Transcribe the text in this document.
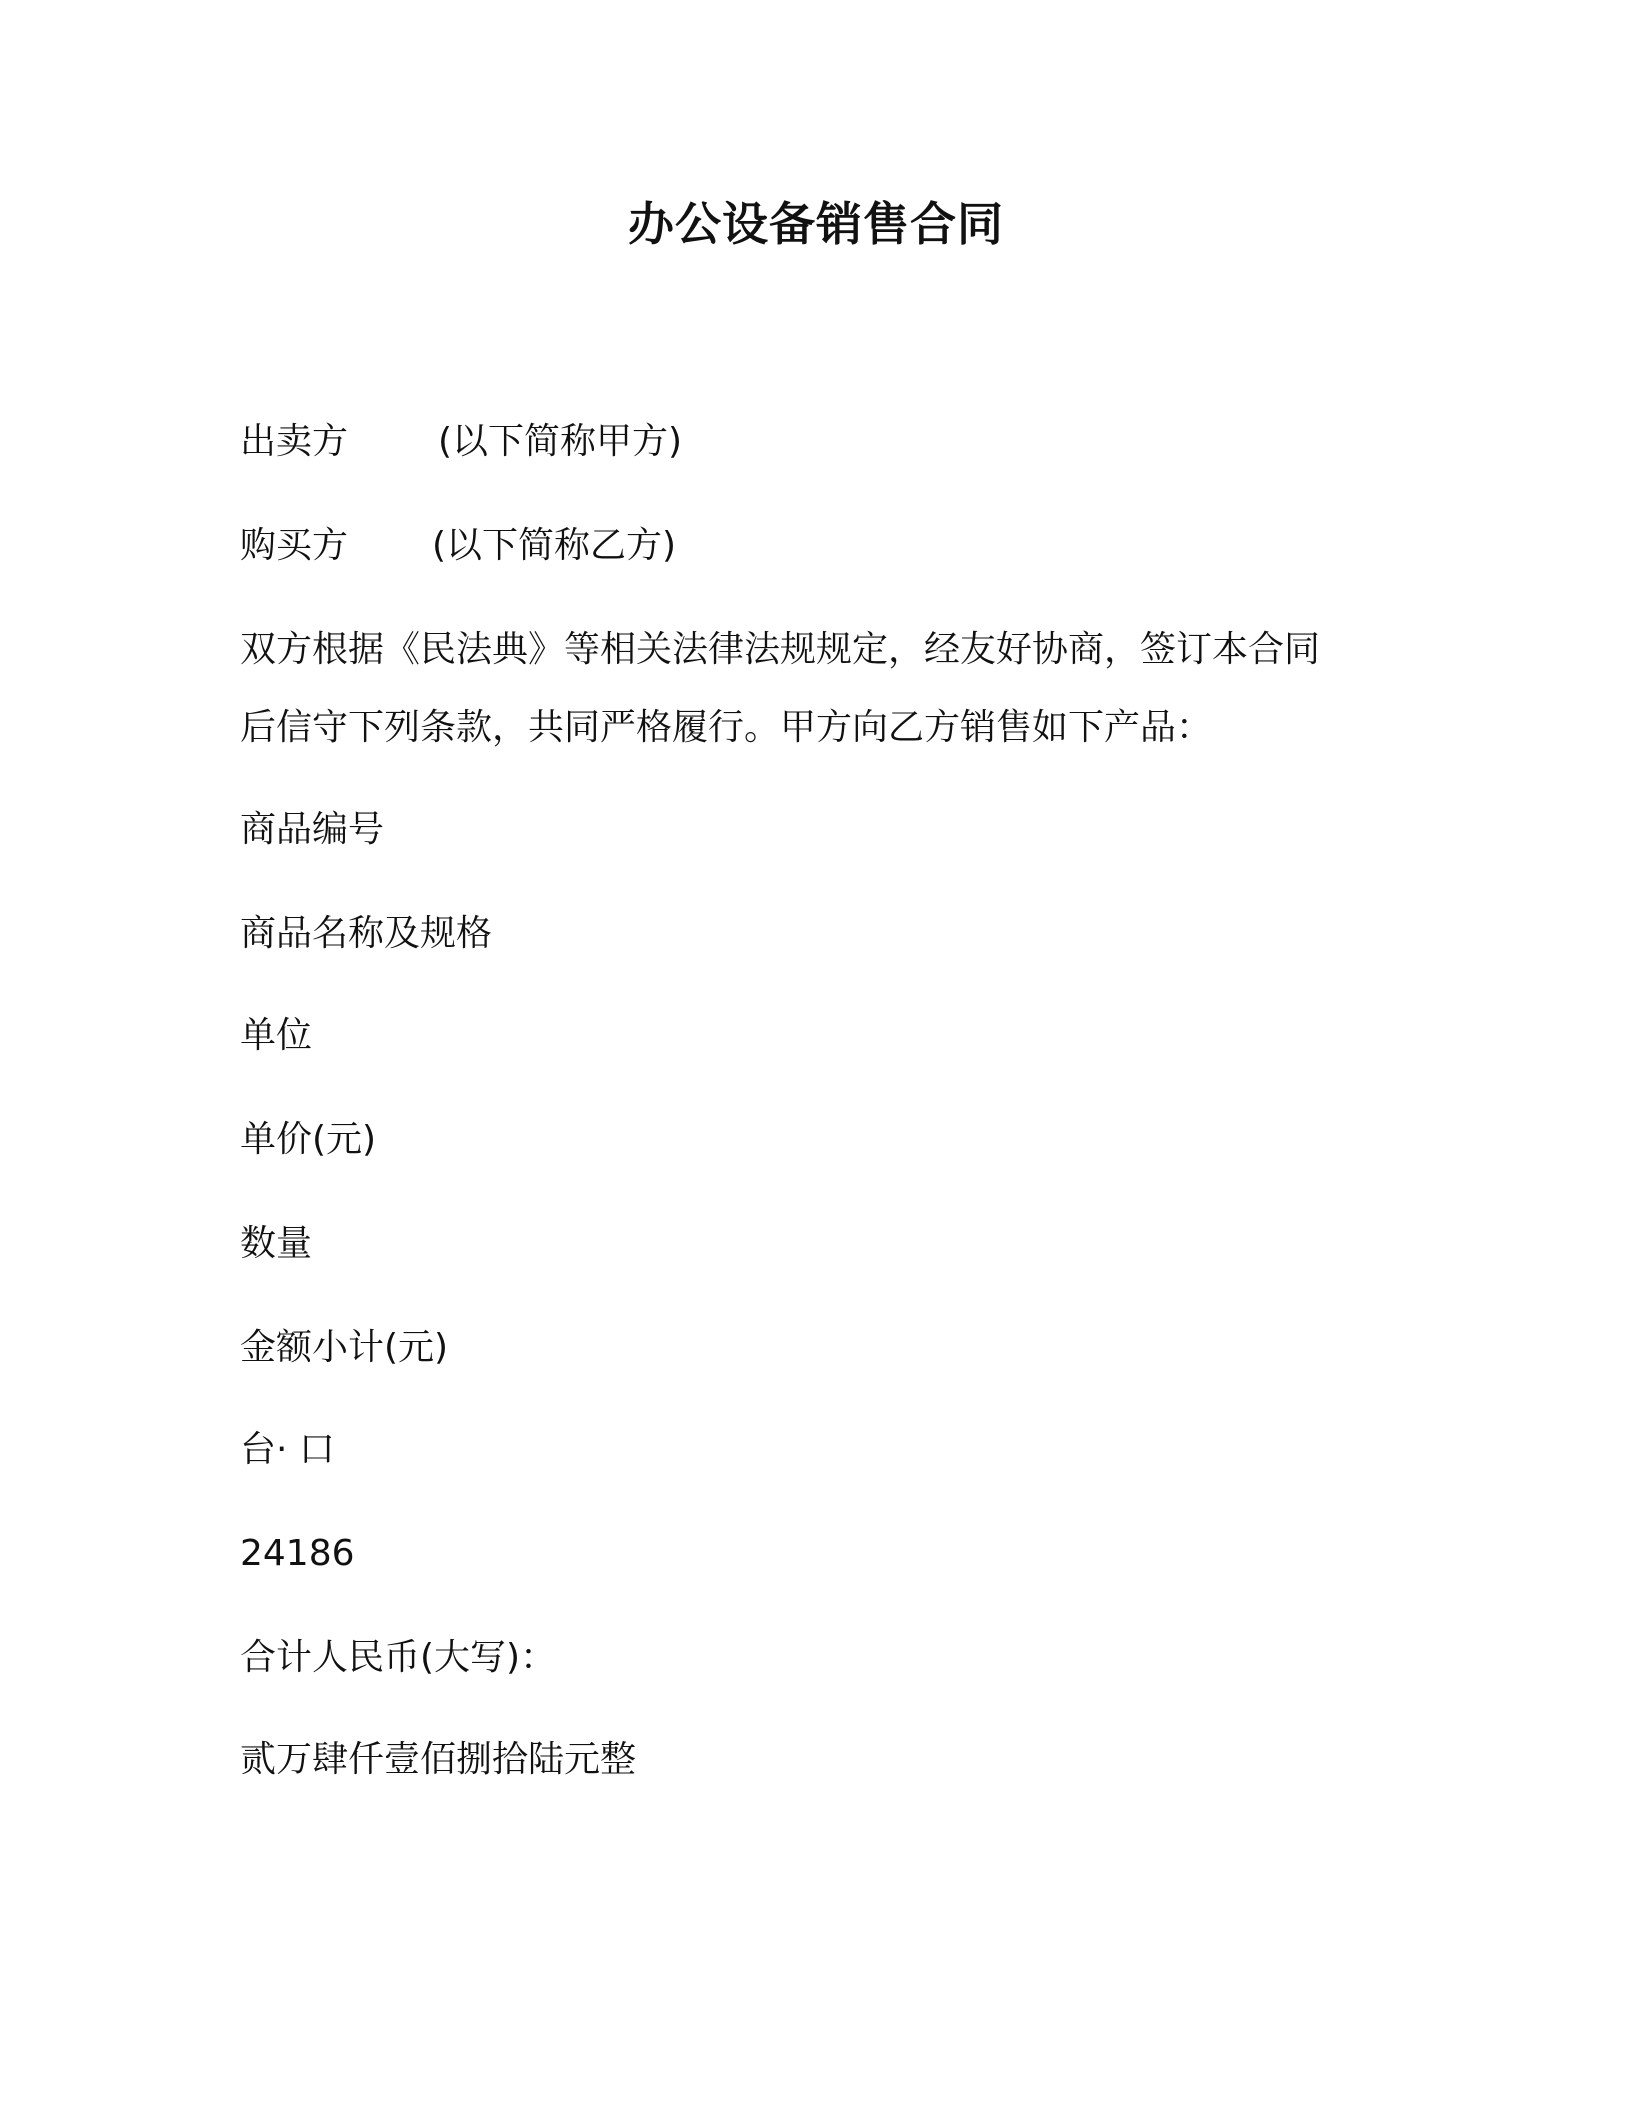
办公设备销售合同
出卖方	(以下简称甲方)
购买方 (以下简称乙方)
双方根据《民法典》等相关法律法规规定，经友好协商，签订本合同
后信守下列条款，共同严格履行。甲方向乙方销售如下产品：
商品编号
商品名称及规格
单位
单价(元)
数量
金额小计(元)
台· 口
24186
合计人民币(大写)：
贰万肆仟壹佰捌拾陆元整
